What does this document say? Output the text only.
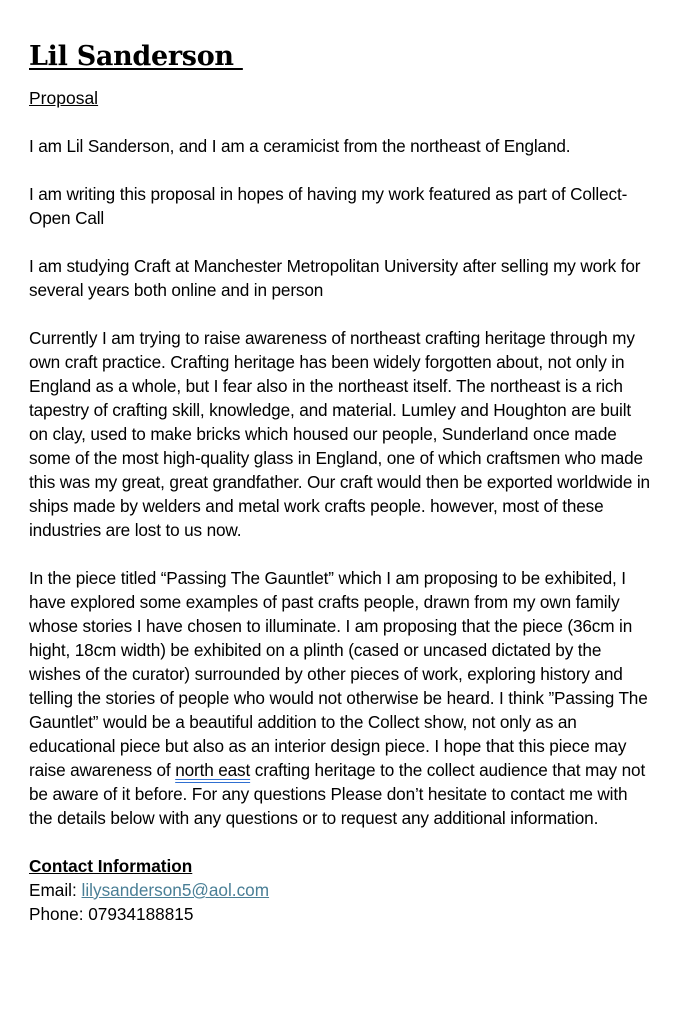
Lil Sanderson

Proposal

I am Lil Sanderson, and I am a ceramicist from the northeast of England.

I am writing this proposal in hopes of having my work featured as part of Collect- Open Call

I am studying Craft at Manchester Metropolitan University after selling my work for several years both online and in person

Currently I am trying to raise awareness of northeast crafting heritage through my own craft practice. Crafting heritage has been widely forgotten about, not only in England as a whole, but I fear also in the northeast itself. The northeast is a rich tapestry of crafting skill, knowledge, and material. Lumley and Houghton are built on clay, used to make bricks which housed our people, Sunderland once made some of the most high-quality glass in England, one of which craftsmen who made this was my great, great grandfather. Our craft would then be exported worldwide in ships made by welders and metal work crafts people. however, most of these industries are lost to us now.

In the piece titled “Passing The Gauntlet” which I am proposing to be exhibited, I have explored some examples of past crafts people, drawn from my own family whose stories I have chosen to illuminate. I am proposing that the piece (36cm in hight, 18cm width) be exhibited on a plinth (cased or uncased dictated by the wishes of the curator) surrounded by other pieces of work, exploring history and telling the stories of people who would not otherwise be heard. I think ”Passing The Gauntlet” would be a beautiful addition to the Collect show, not only as an educational piece but also as an interior design piece. I hope that this piece may raise awareness of north east crafting heritage to the collect audience that may not be aware of it before. For any questions Please don’t hesitate to contact me with the details below with any questions or to request any additional information.

Contact Information

Email: lilysanderson5@aol.com

Phone: 07934188815
